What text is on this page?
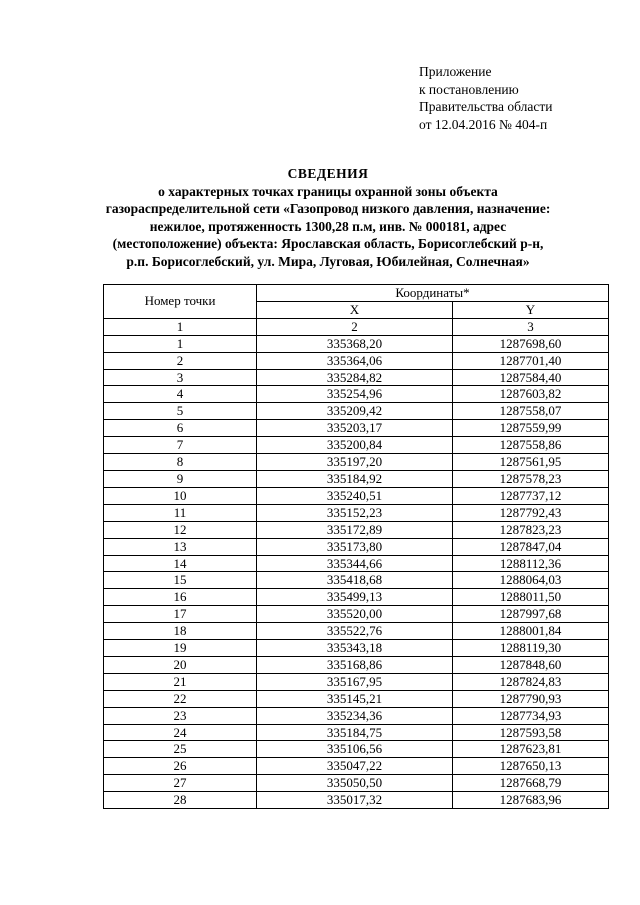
Приложение
к постановлению
Правительства области
от 12.04.2016 № 404-п
СВЕДЕНИЯ
о характерных точках границы охранной зоны объекта
газораспределительной сети «Газопровод низкого давления, назначение:
нежилое, протяженность 1300,28 п.м, инв. № 000181, адрес
(местоположение) объекта: Ярославская область, Борисоглебский р-н,
р.п. Борисоглебский, ул. Мира, Луговая, Юбилейная, Солнечная»
Номер точки	Координаты*	
	X	Y
1	2	3
1	335368,20	1287698,60
2	335364,06	1287701,40
3	335284,82	1287584,40
4	335254,96	1287603,82
5	335209,42	1287558,07
6	335203,17	1287559,99
7	335200,84	1287558,86
8	335197,20	1287561,95
9	335184,92	1287578,23
10	335240,51	1287737,12
11	335152,23	1287792,43
12	335172,89	1287823,23
13	335173,80	1287847,04
14	335344,66	1288112,36
15	335418,68	1288064,03
16	335499,13	1288011,50
17	335520,00	1287997,68
18	335522,76	1288001,84
19	335343,18	1288119,30
20	335168,86	1287848,60
21	335167,95	1287824,83
22	335145,21	1287790,93
23	335234,36	1287734,93
24	335184,75	1287593,58
25	335106,56	1287623,81
26	335047,22	1287650,13
27	335050,50	1287668,79
28	335017,32	1287683,96
